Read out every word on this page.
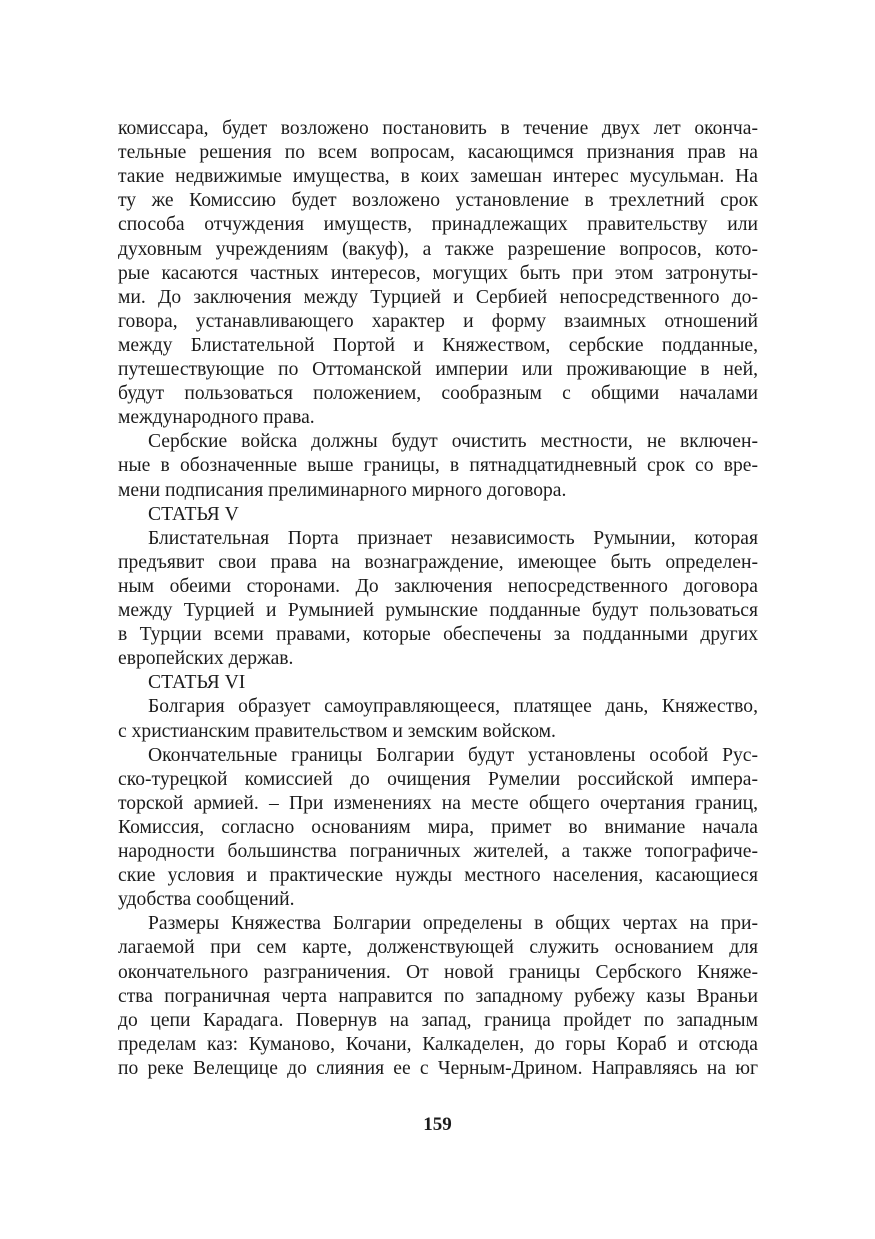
комиссара, будет возложено постановить в течение двух лет оконча-
тельные решения по всем вопросам, касающимся признания прав на
такие недвижимые имущества, в коих замешан интерес мусульман. На
ту же Комиссию будет возложено установление в трехлетний срок
способа отчуждения имуществ, принадлежащих правительству или
духовным учреждениям (вакуф), а также разрешение вопросов, кото-
рые касаются частных интересов, могущих быть при этом затронуты-
ми. До заключения между Турцией и Сербией непосредственного до-
говора, устанавливающего характер и форму взаимных отношений
между Блистательной Портой и Княжеством, сербские подданные,
путешествующие по Оттоманской империи или проживающие в ней,
будут пользоваться положением, сообразным с общими началами
международного права.
Сербские войска должны будут очистить местности, не включен-
ные в обозначенные выше границы, в пятнадцатидневный срок со вре-
мени подписания прелиминарного мирного договора.
СТАТЬЯ V
Блистательная Порта признает независимость Румынии, которая
предъявит свои права на вознаграждение, имеющее быть определен-
ным обеими сторонами. До заключения непосредственного договора
между Турцией и Румынией румынские подданные будут пользоваться
в Турции всеми правами, которые обеспечены за подданными других
европейских держав.
СТАТЬЯ VI
Болгария образует самоуправляющееся, платящее дань, Княжество,
с христианским правительством и земским войском.
Окончательные границы Болгарии будут установлены особой Рус-
ско-турецкой комиссией до очищения Румелии российской импера-
торской армией. – При изменениях на месте общего очертания границ,
Комиссия, согласно основаниям мира, примет во внимание начала
народности большинства пограничных жителей, а также топографиче-
ские условия и практические нужды местного населения, касающиеся
удобства сообщений.
Размеры Княжества Болгарии определены в общих чертах на при-
лагаемой при сем карте, долженствующей служить основанием для
окончательного разграничения. От новой границы Сербского Княже-
ства пограничная черта направится по западному рубежу казы Враньи
до цепи Карадага. Повернув на запад, граница пройдет по западным
пределам каз: Куманово, Кочани, Калкаделен, до горы Кораб и отсюда
по реке Велещице до слияния ее с Черным-Дрином. Направляясь на юг
159
